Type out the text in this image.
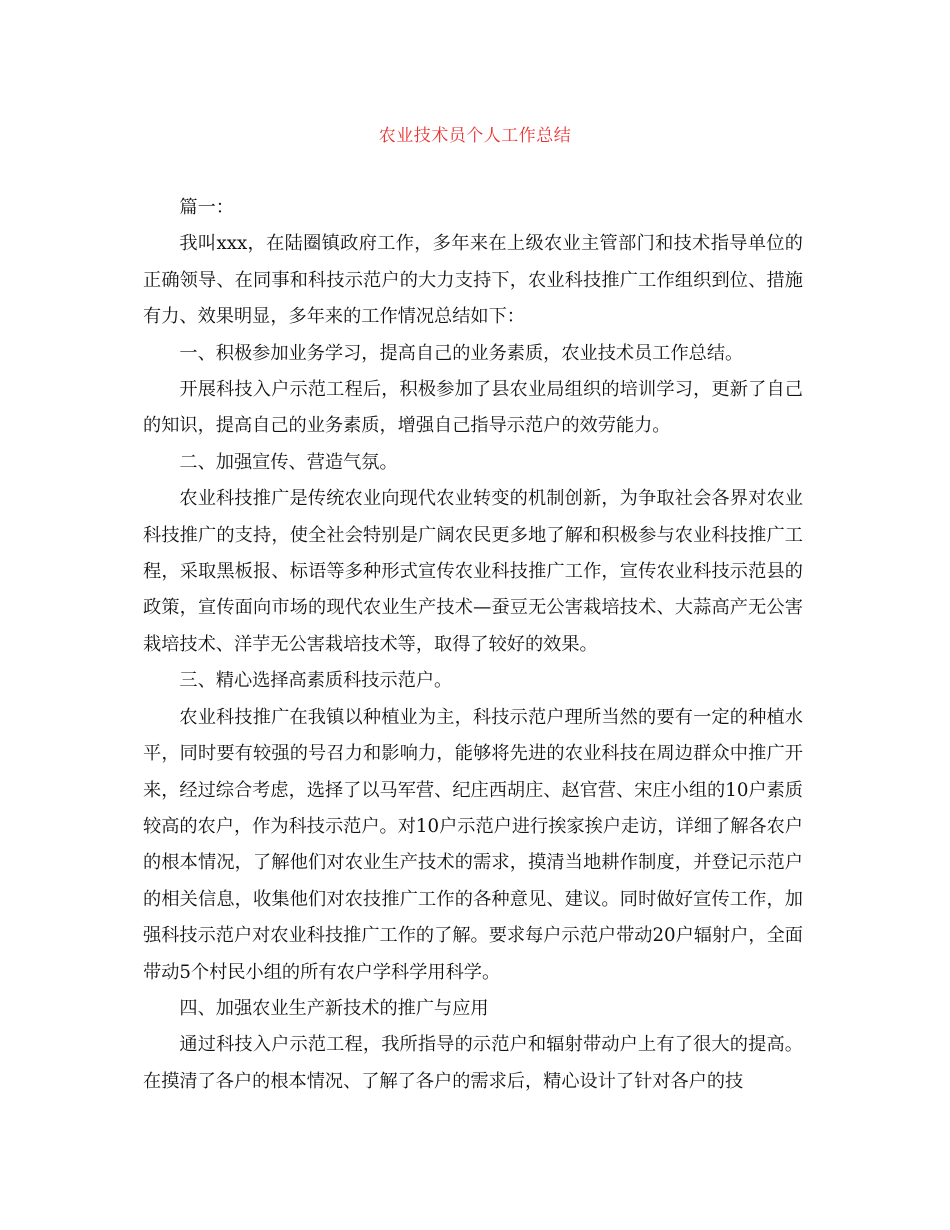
农业技术员个人工作总结

篇一：

我叫xxx，在陆圈镇政府工作，多年来在上级农业主管部门和技术指导单位的正确领导、在同事和科技示范户的大力支持下，农业科技推广工作组织到位、措施有力、效果明显，多年来的工作情况总结如下：

一、积极参加业务学习，提高自己的业务素质，农业技术员工作总结。

开展科技入户示范工程后，积极参加了县农业局组织的培训学习，更新了自己的知识，提高自己的业务素质，增强自己指导示范户的效劳能力。

二、加强宣传、营造气氛。

农业科技推广是传统农业向现代农业转变的机制创新，为争取社会各界对农业科技推广的支持，使全社会特别是广阔农民更多地了解和积极参与农业科技推广工程，采取黑板报、标语等多种形式宣传农业科技推广工作，宣传农业科技示范县的政策，宣传面向市场的现代农业生产技术—蚕豆无公害栽培技术、大蒜高产无公害栽培技术、洋芋无公害栽培技术等，取得了较好的效果。

三、精心选择高素质科技示范户。

农业科技推广在我镇以种植业为主，科技示范户理所当然的要有一定的种植水平，同时要有较强的号召力和影响力，能够将先进的农业科技在周边群众中推广开来，经过综合考虑，选择了以马军营、纪庄西胡庄、赵官营、宋庄小组的10户素质较高的农户，作为科技示范户。对10户示范户进行挨家挨户走访，详细了解各农户的根本情况，了解他们对农业生产技术的需求，摸清当地耕作制度，并登记示范户的相关信息，收集他们对农技推广工作的各种意见、建议。同时做好宣传工作，加强科技示范户对农业科技推广工作的了解。要求每户示范户带动20户辐射户，全面带动5个村民小组的所有农户学科学用科学。

四、加强农业生产新技术的推广与应用

通过科技入户示范工程，我所指导的示范户和辐射带动户上有了很大的提高。在摸清了各户的根本情况、了解了各户的需求后，精心设计了针对各户的技
